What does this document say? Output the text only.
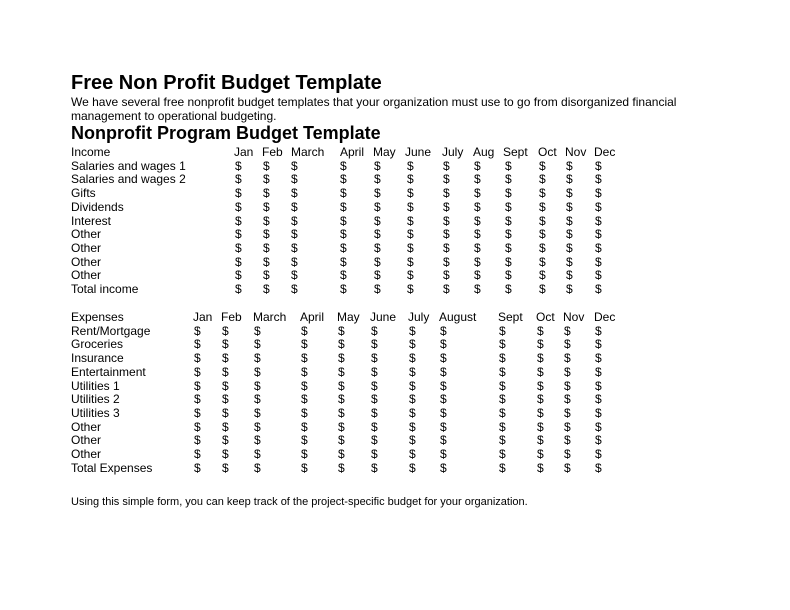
Free Non Profit Budget Template
We have several free nonprofit budget templates that your organization must use to go from disorganized financial management to operational budgeting.
Nonprofit Program Budget Template
Income	Jan Feb March April May June July Aug Sept Oct Nov Dec
Salaries and wages 1	$ $ $	$ $ $ $ $ $ $ $ $
Salaries and wages 2	$ $ $	$ $ $ $ $ $ $ $ $
Gifts	$ $ $	$ $ $ $ $ $ $ $ $
Dividends	$ $ $	$ $ $ $ $ $ $ $ $
Interest	$ $ $	$ $ $ $ $ $ $ $ $
Other	$ $ $	$ $ $ $ $ $ $ $ $
Other	$ $ $	$ $ $ $ $ $ $ $ $
Other	$ $ $	$ $ $ $ $ $ $ $ $
Other	$ $ $	$ $ $ $ $ $ $ $ $
Total income	$ $ $	$ $ $ $ $ $ $ $ $
Expenses	Jan Feb March April May June July August Sept Oct Nov Dec
Rent/Mortgage	$ $ $	$	$ $	$ $	$	$ $ $
Groceries	$ $ $	$	$ $	$ $	$	$ $ $
Insurance	$ $ $	$	$ $	$ $	$	$ $ $
Entertainment	$ $ $	$	$ $	$ $	$	$ $ $
Utilities 1	$ $ $	$	$ $	$ $	$	$ $ $
Utilities 2	$ $ $	$	$ $	$ $	$	$ $ $
Utilities 3	$ $ $	$	$ $	$ $	$	$ $ $
Other	$ $ $	$	$ $	$ $	$	$ $ $
Other	$ $ $	$	$ $	$ $	$	$ $ $
Other	$ $ $	$	$ $	$ $	$	$ $ $
Total Expenses	$ $ $	$	$ $	$ $	$	$ $ $
Using this simple form, you can keep track of the project-specific budget for your organization.
